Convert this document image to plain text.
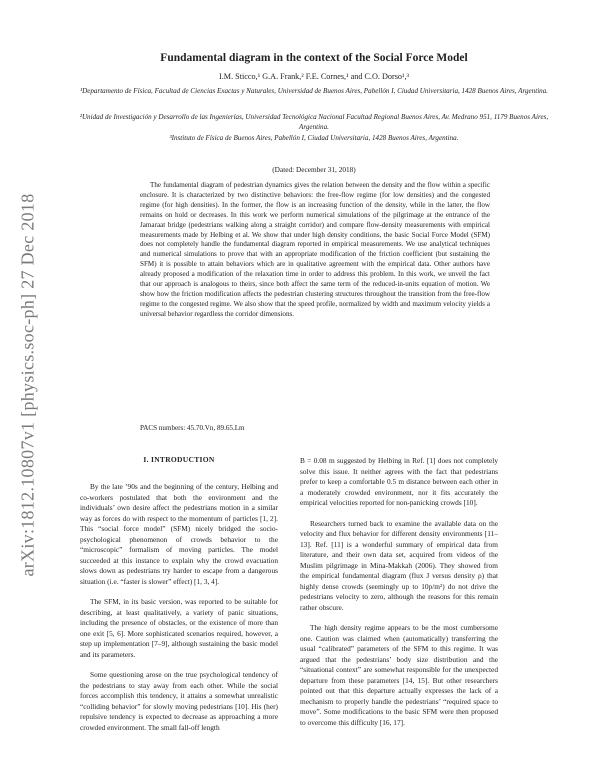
arXiv:1812.10807v1 [physics.soc-ph] 27 Dec 2018
Fundamental diagram in the context of the Social Force Model
I.M. Sticco,¹ G.A. Frank,² F.E. Cornes,¹ and C.O. Dorso¹,³
¹Departamento de Física, Facultad de Ciencias Exactas y Naturales, Universidad de Buenos Aires, Pabellón I, Ciudad Universitaria, 1428 Buenos Aires, Argentina.
²Unidad de Investigación y Desarrollo de las Ingenierías, Universidad Tecnológica Nacional Facultad Regional Buenos Aires, Av. Medrano 951, 1179 Buenos Aires, Argentina.
³Instituto de Física de Buenos Aires, Pabellón I, Ciudad Universitaria, 1428 Buenos Aires, Argentina.
(Dated: December 31, 2018)

The fundamental diagram of pedestrian dynamics gives the relation between the density and the flow within a specific enclosure. It is characterized by two distinctive behaviors: the free-flow regime (for low densities) and the congested regime (for high densities). In the former, the flow is an increasing function of the density, while in the latter, the flow remains on hold or decreases. In this work we perform numerical simulations of the pilgrimage at the entrance of the Jamaraat bridge (pedestrians walking along a straight corridor) and compare flow-density measurements with empirical measurements made by Helbing et al. We show that under high density conditions, the basic Social Force Model (SFM) does not completely handle the fundamental diagram reported in empirical measurements. We use analytical techniques and numerical simulations to prove that with an appropriate modification of the friction coefficient (but sustaining the SFM) it is possible to attain behaviors which are in qualitative agreement with the empirical data. Other authors have already proposed a modification of the relaxation time in order to address this problem. In this work, we unveil the fact that our approach is analogous to theirs, since both affect the same term of the reduced-in-units equation of motion. We show how the friction modification affects the pedestrian clustering structures throughout the transition from the free-flow regime to the congested regime. We also show that the speed profile, normalized by width and maximum velocity yields a universal behavior regardless the corridor dimensions.

PACS numbers: 45.70.Vn, 89.65.Lm

I. INTRODUCTION

By the late ’90s and the beginning of the century, Helbing and co-workers postulated that both the environment and the individuals’ own desire affect the pedestrians motion in a similar way as forces do with respect to the momentum of particles [1, 2]. This “social force model” (SFM) nicely bridged the socio-psychological phenomenon of crowds behavior to the “microscopic” formalism of moving particles. The model succeeded at this instance to explain why the crowd evacuation slows down as pedestrians try harder to escape from a dangerous situation (i.e. “faster is slower” effect) [1, 3, 4].

The SFM, in its basic version, was reported to be suitable for describing, at least qualitatively, a variety of panic situations, including the presence of obstacles, or the existence of more than one exit [5, 6]. More sophisticated scenarios required, however, a step up implementation [7–9], although sustaining the basic model and its parameters.

Some questioning arose on the true psychological tendency of the pedestrians to stay away from each other. While the social forces accomplish this tendency, it attains a somewhat unrealistic “colliding behavior” for slowly moving pedestrians [10]. His (her) repulsive tendency is expected to decrease as approaching a more crowded environment. The small fall-off length

B = 0.08 m suggested by Helbing in Ref. [1] does not completely solve this issue. It neither agrees with the fact that pedestrians prefer to keep a comfortable 0.5 m distance between each other in a moderately crowded environment, nor it fits accurately the empirical velocities reported for non-panicking crowds [10].

Researchers turned back to examine the available data on the velocity and flux behavior for different density environments [11–13]. Ref. [11] is a wonderful summary of empirical data from literature, and their own data set, acquired from videos of the Muslim pilgrimage in Mina-Makkah (2006). They showed from the empirical fundamental diagram (flux J versus density ρ) that highly dense crowds (seemingly up to 10p/m²) do not drive the pedestrians velocity to zero, although the reasons for this remain rather obscure.

The high density regime appears to be the most cumbersome one. Caution was claimed when (automatically) transferring the usual “calibrated” parameters of the SFM to this regime. It was argued that the pedestrians’ body size distribution and the “situational context” are somewhat responsible for the unexpected departure from these parameters [14, 15]. But other researchers pointed out that this departure actually expresses the lack of a mechanism to properly handle the pedestrians’ “required space to move”. Some modifications to the basic SFM were then proposed to overcome this difficulty [16, 17].
